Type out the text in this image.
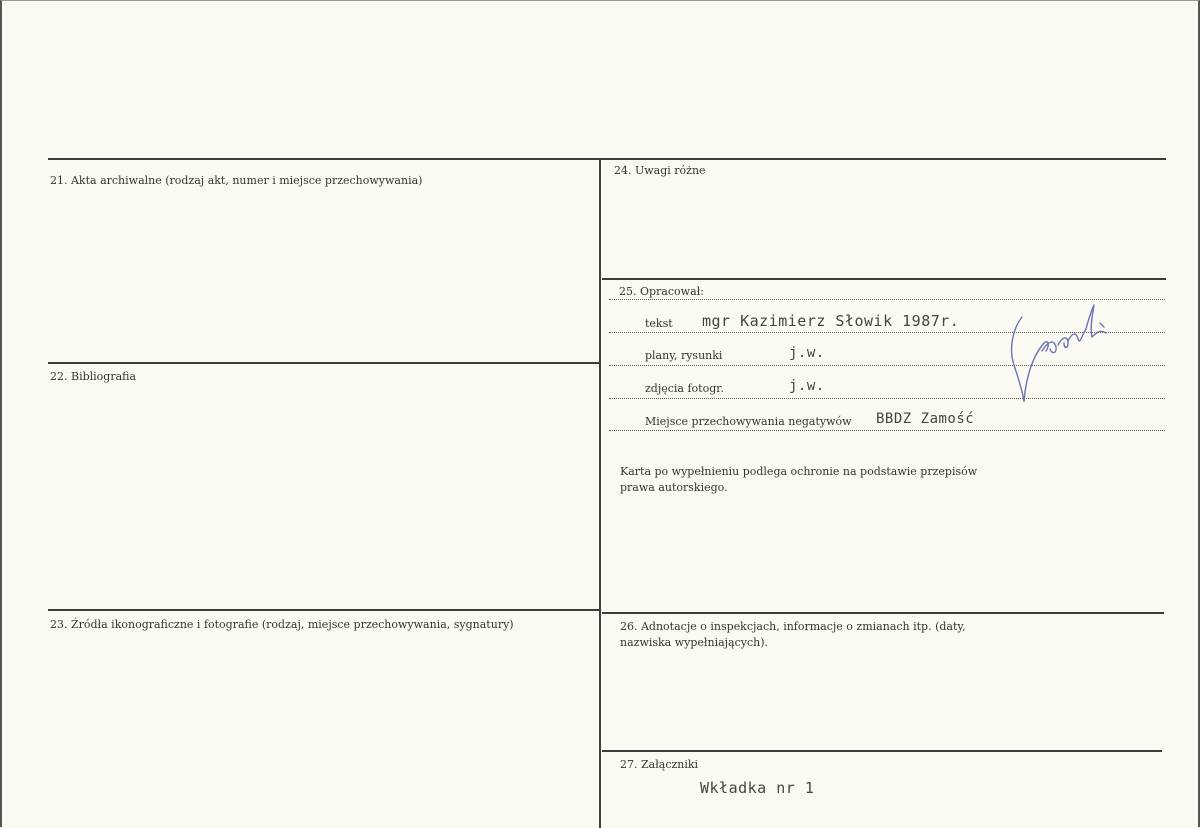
21. Akta archiwalne (rodzaj akt, numer i miejsce przechowywania)
22. Bibliografia
23. Źródła ikonograficzne i fotografie (rodzaj, miejsce przechowywania, sygnatury)
24. Uwagi różne
25. Opracował:
tekst mgr Kazimierz Słowik 1987r.
plany, rysunki	j.w.
zdjęcia fotogr.	j.w.
Miejsce przechowywania negatywów BBDZ Zamość
Karta po wypełnieniu podlega ochronie na podstawie przepisów prawa autorskiego.
26. Adnotacje o inspekcjach, informacje o zmianach itp. (daty, nazwiska wypełniających).
27. Załączniki
Wkładka nr 1
